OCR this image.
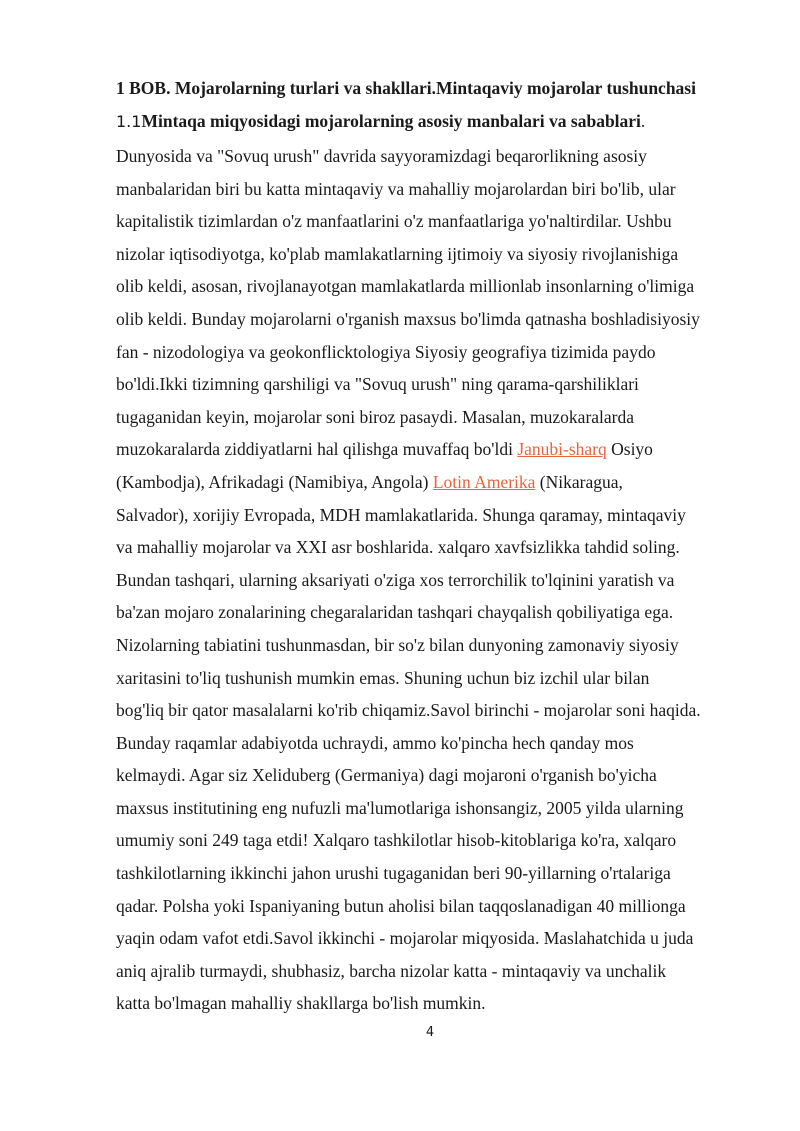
1 BOB. Mojarolarning turlari va shakllari.Mintaqaviy mojarolar tushunchasi
1.1Mintaqa miqyosidagi mojarolarning asosiy manbalari va sabablari.
Dunyosida va "Sovuq urush" davrida sayyoramizdagi beqarorlikning asosiy
manbalaridan biri bu katta mintaqaviy va mahalliy mojarolardan biri bo'lib, ular
kapitalistik tizimlardan o'z manfaatlarini o'z manfaatlariga yo'naltirdilar. Ushbu
nizolar iqtisodiyotga, ko'plab mamlakatlarning ijtimoiy va siyosiy rivojlanishiga
olib keldi, asosan, rivojlanayotgan mamlakatlarda millionlab insonlarning o'limiga
olib keldi. Bunday mojarolarni o'rganish maxsus bo'limda qatnasha boshladisiyosiy
fan - nizodologiya va geokonflicktologiya Siyosiy geografiya tizimida paydo
bo'ldi.Ikki tizimning qarshiligi va "Sovuq urush" ning qarama-qarshiliklari
tugaganidan keyin, mojarolar soni biroz pasaydi. Masalan, muzokaralarda
muzokaralarda ziddiyatlarni hal qilishga muvaffaq bo'ldi Janubi-sharq Osiyo
(Kambodja), Afrikadagi (Namibiya, Angola) Lotin Amerika (Nikaragua,
Salvador), xorijiy Evropada, MDH mamlakatlarida. Shunga qaramay, mintaqaviy
va mahalliy mojarolar va XXI asr boshlarida. xalqaro xavfsizlikka tahdid soling.
Bundan tashqari, ularning aksariyati o'ziga xos terrorchilik to'lqinini yaratish va
ba'zan mojaro zonalarining chegaralaridan tashqari chayqalish qobiliyatiga ega.
Nizolarning tabiatini tushunmasdan, bir so'z bilan dunyoning zamonaviy siyosiy
xaritasini to'liq tushunish mumkin emas. Shuning uchun biz izchil ular bilan
bog'liq bir qator masalalarni ko'rib chiqamiz.Savol birinchi - mojarolar soni haqida.
Bunday raqamlar adabiyotda uchraydi, ammo ko'pincha hech qanday mos
kelmaydi. Agar siz Xeliduberg (Germaniya) dagi mojaroni o'rganish bo'yicha
maxsus institutining eng nufuzli ma'lumotlariga ishonsangiz, 2005 yilda ularning
umumiy soni 249 taga etdi! Xalqaro tashkilotlar hisob-kitoblariga ko'ra, xalqaro
tashkilotlarning ikkinchi jahon urushi tugaganidan beri 90-yillarning o'rtalariga
qadar. Polsha yoki Ispaniyaning butun aholisi bilan taqqoslanadigan 40 millionga
yaqin odam vafot etdi.Savol ikkinchi - mojarolar miqyosida. Maslahatchida u juda
aniq ajralib turmaydi, shubhasiz, barcha nizolar katta - mintaqaviy va unchalik
katta bo'lmagan mahalliy shakllarga bo'lish mumkin.
4
